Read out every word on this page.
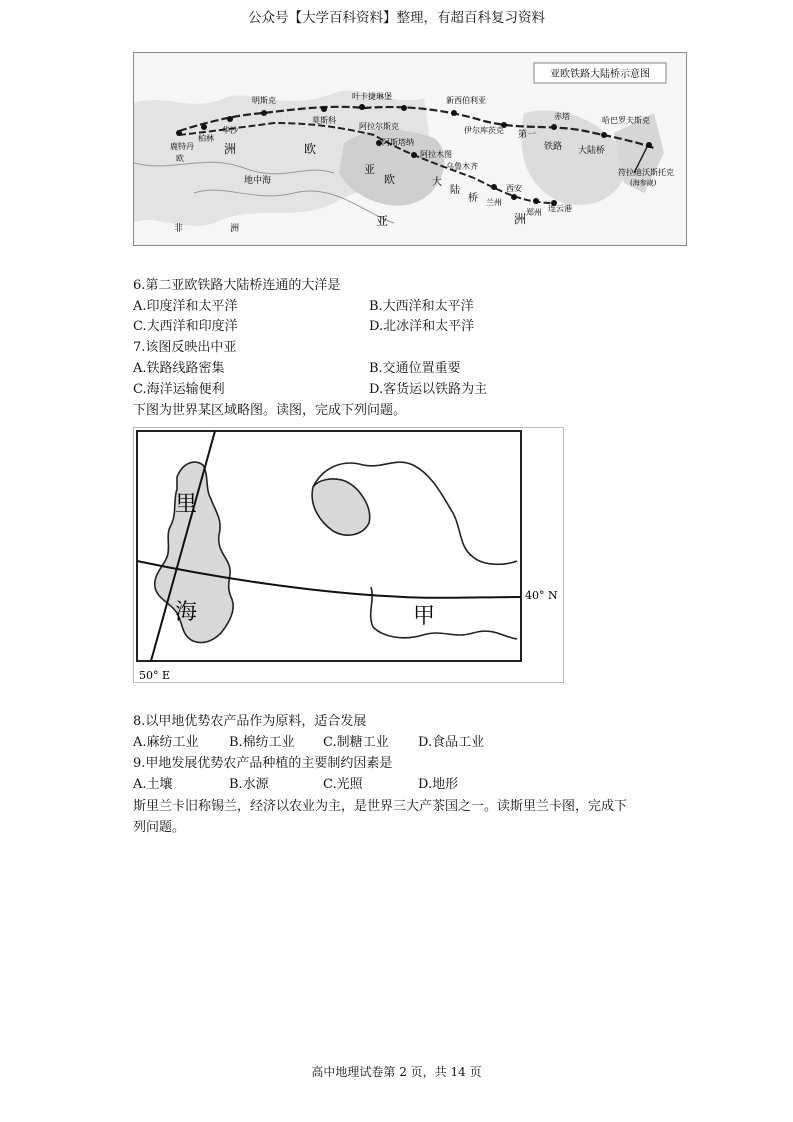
公众号【大学百科资料】整理，有超百科复习资料
亚欧铁路大陆桥示意图
鹿特丹
欧
柏林
华沙
明斯克
莫斯科
叶卡捷琳堡	新西伯利亚
伊尔库茨克
赤塔	哈巴罗夫斯克
符拉迪沃斯托克
(海参崴)
阿拉尔斯克
阿斯塔纳
阿拉木图
乌鲁木齐
兰州
西安
郑州 连云港
欧
洲
地中海
亚	洲
非	洲
第一
铁路 大陆桥
亚
欧	大
陆
桥
6.第二亚欧铁路大陆桥连通的大洋是
A.印度洋和太平洋	B.大西洋和太平洋
C.大西洋和印度洋	D.北冰洋和太平洋
7.该图反映出中亚
A.铁路线路密集	B.交通位置重要
C.海洋运输便利	D.客货运以铁路为主
下图为世界某区域略图。读图，完成下列问题。
里
海	甲
40° N
50° E
8.以甲地优势农产品作为原料，适合发展
A.麻纺工业 B.棉纺工业 C.制糖工业 D.食品工业
9.甲地发展优势农产品种植的主要制约因素是
A.土壤	B.水源	C.光照	D.地形
斯里兰卡旧称锡兰，经济以农业为主，是世界三大产茶国之一。读斯里兰卡图，完成下
列问题。
高中地理试卷第 2 页，共 14 页
